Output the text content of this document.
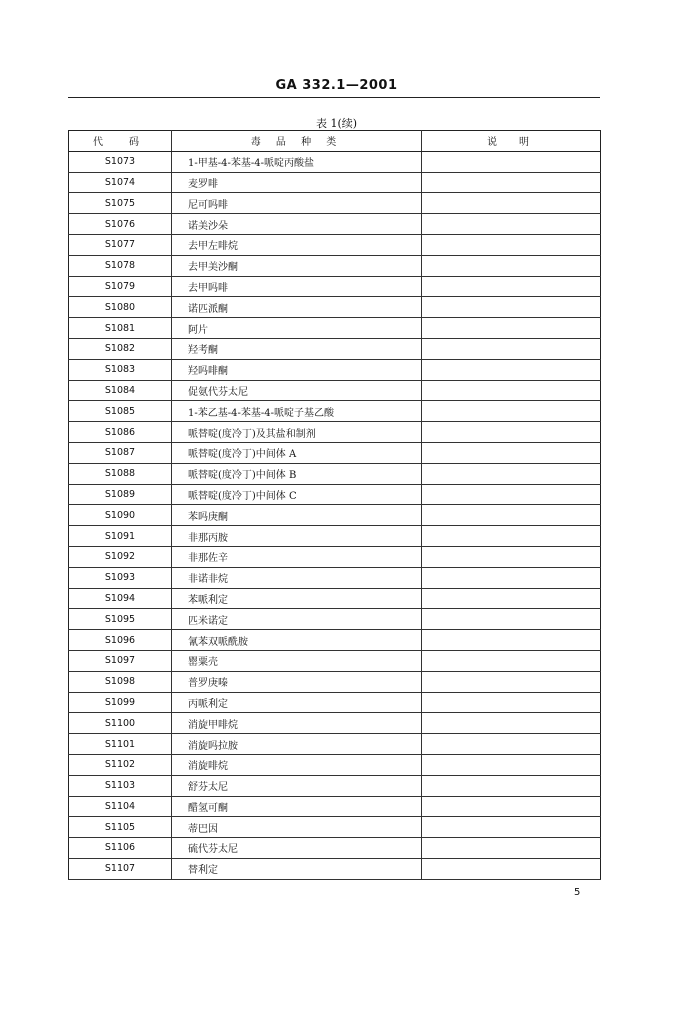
GA 332.1—2001
表 1(续)
代　码	毒 品 种 类	说　明
S1073	1-甲基-4-苯基-4-哌啶丙酸盐	
S1074	麦罗啡	
S1075	尼可吗啡	
S1076	诺美沙朵	
S1077	去甲左啡烷	
S1078	去甲美沙酮	
S1079	去甲吗啡	
S1080	诺匹派酮	
S1081	阿片	
S1082	羟考酮	
S1083	羟吗啡酮	
S1084	促氨代芬太尼	
S1085	1-苯乙基-4-苯基-4-哌啶子基乙酸	
S1086	哌替啶(度冷丁)及其盐和制剂	
S1087	哌替啶(度冷丁)中间体 A	
S1088	哌替啶(度冷丁)中间体 B	
S1089	哌替啶(度冷丁)中间体 C	
S1090	苯吗庚酮	
S1091	非那丙胺	
S1092	非那佐辛	
S1093	非诺非烷	
S1094	苯哌利定	
S1095	匹米诺定	
S1096	氰苯双哌酰胺	
S1097	罂粟壳	
S1098	普罗庚嗪	
S1099	丙哌利定	
S1100	消旋甲啡烷	
S1101	消旋吗拉胺	
S1102	消旋啡烷	
S1103	舒芬太尼	
S1104	醋氢可酮	
S1105	蒂巴因	
S1106	硫代芬太尼	
S1107	替利定	
5
